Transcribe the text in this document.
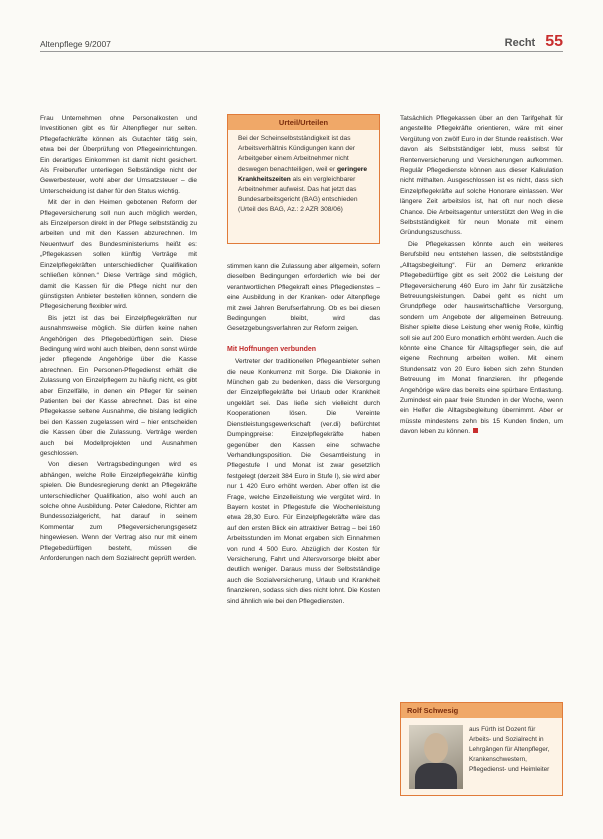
Altenpflege 9/2007	Recht 55

Frau Unternehmen ohne Personalkosten und Investitionen gibt es für Altenpfleger nur selten. Pflegefachkräfte können als Gutachter tätig sein, etwa bei der Überprüfung von Pflegeeinrichtungen. Ein derartiges Einkommen ist damit nicht gesichert. Als Freiberufler unterliegen Selbständige nicht der Gewerbesteuer, wohl aber der Umsatzsteuer – die Unterscheidung ist daher für den Status wichtig.

Mit der in den Heimen gebotenen Reform der Pflegeversicherung soll nun auch möglich werden, als Einzelperson direkt in der Pflege selbstständig zu arbeiten und mit den Kassen abzurechnen. Im Neuentwurf des Bundesministeriums heißt es: „Pflegekassen sollen künftig Verträge mit Einzelpflegekräften unterschiedlicher Qualifikation schließen können.“ Diese Verträge sind möglich, damit die Kassen für die Pflege nicht nur den günstigsten Anbieter bestellen können, sondern die Pflegesicherung flexibler wird.

Bis jetzt ist das bei Einzelpflegekräften nur ausnahmsweise möglich. Sie dürfen keine nahen Angehörigen des Pflegebedürftigen sein. Diese Bedingung wird wohl auch bleiben, denn sonst würde jeder pflegende Angehörige über die Kasse abrechnen. Ein Personen-Pflegedienst erhält die Zulassung von Einzelpflegern zu häufig nicht, es gibt aber Einzelfälle, in denen ein Pfleger für seinen Patienten bei der Kasse abrechnet. Das ist eine Pflegekasse seltene Ausnahme, die bislang lediglich bei den Kassen zugelassen wird – hier entscheiden die Kassen über die Zulassung. Verträge werden auch bei Modellprojekten und Ausnahmen geschlossen.

Von diesen Vertragsbedingungen wird es abhängen, welche Rolle Einzelpflegekräfte künftig spielen. Die Bundesregierung denkt an Pflegekräfte unterschiedlicher Qualifikation, also wohl auch an solche ohne Ausbildung. Peter Caledone, Richter am Bundessozialgericht, hat darauf in seinem Kommentar zum Pflegeversicherungsgesetz hingewiesen. Wenn der Vertrag also nur mit einem Pflegebedürftigen besteht, müssen die Anforderungen nach dem Sozialrecht geprüft werden.

Urteil/Urteilen
Bei der Scheinselbstständigkeit ist das Arbeitsverhältnis Kündigungen kann der Arbeitgeber einem Arbeitnehmer nicht deswegen benachteiligen, weil er geringere Krankheitszeiten als ein vergleichbarer Arbeitnehmer aufweist. Das hat jetzt das Bundesarbeitsgericht (BAG) entschieden (Urteil des BAG, Az.: 2 AZR 308/06)

stimmen kann die Zulassung aber allgemein, sofern dieselben Bedingungen erforderlich wie bei der verantwortlichen Pflegekraft eines Pflegedienstes – eine Ausbildung in der Kranken- oder Altenpflege mit zwei Jahren Berufserfahrung. Ob es bei diesen Bedingungen bleibt, wird das Gesetzgebungsverfahren zur Reform zeigen.

Mit Hoffnungen verbunden

Vertreter der traditionellen Pflegeanbieter sehen die neue Konkurrenz mit Sorge. Die Diakonie in München gab zu bedenken, dass die Versorgung der Einzelpflegekräfte bei Urlaub oder Krankheit ungeklärt sei. Das ließe sich vielleicht durch Kooperationen lösen. Die Vereinte Dienstleistungsgewerkschaft (ver.di) befürchtet Dumpingpreise: Einzelpflegekräfte haben gegenüber den Kassen eine schwache Verhandlungsposition. Die Gesamtleistung in Pflegestufe I und Monat ist zwar gesetzlich festgelegt (derzeit 384 Euro in Stufe I), sie wird aber nur 1 420 Euro erhöht werden. Aber offen ist die Frage, welche Einzelleistung wie vergütet wird. In Bayern kostet in Pflegestufe die Wochenleistung etwa 28,30 Euro. Für Einzelpflegekräfte wäre das auf den ersten Blick ein attraktiver Betrag – bei 160 Arbeitsstunden im Monat ergaben sich Einnahmen von rund 4 500 Euro. Abzüglich der Kosten für Versicherung, Fahrt und Altersvorsorge bleibt aber deutlich weniger. Daraus muss der Selbstständige auch die Sozialversicherung, Urlaub und Krankheit finanzieren, sodass sich dies nicht lohnt. Die Kosten sind ähnlich wie bei den Pflegediensten.

Tatsächlich Pflegekassen über an den Tarifgehalt für angestellte Pflegekräfte orientieren, wäre mit einer Vergütung von zwölf Euro in der Stunde realistisch. Wer davon als Selbstständiger lebt, muss selbst für Rentenversicherung und Versicherungen aufkommen. Regulär Pflegedienste können aus dieser Kalkulation nicht mithalten. Ausgeschlossen ist es nicht, dass sich Einzelpflegekräfte auf solche Honorare einlassen. Wer längere Zeit arbeitslos ist, hat oft nur noch diese Chance. Die Arbeitsagentur unterstützt den Weg in die Selbstständigkeit für neun Monate mit einem Gründungszuschuss.

Die Pflegekassen könnte auch ein weiteres Berufsbild neu entstehen lassen, die selbstständige „Alltagsbegleitung“. Für an Demenz erkrankte Pflegebedürftige gibt es seit 2002 die Leistung der Pflegeversicherung 460 Euro im Jahr für zusätzliche Betreuungsleistungen. Dabei geht es nicht um Grundpflege oder hauswirtschaftliche Versorgung, sondern um Angebote der allgemeinen Betreuung. Bisher spielte diese Leistung eher wenig Rolle, künftig soll sie auf 200 Euro monatlich erhöht werden. Auch die könnte eine Chance für Alltagspfleger sein, die auf eigene Rechnung arbeiten wollen. Mit einem Stundensatz von 20 Euro lieben sich zehn Stunden Betreuung im Monat finanzieren. Ihr pflegende Angehörige wäre das bereits eine spürbare Entlastung. Zumindest ein paar freie Stunden in der Woche, wenn ein Helfer die Alltagsbegleitung übernimmt. Aber er müsste mindestens zehn bis 15 Kunden finden, um davon leben zu können.

Rolf Schwesig
aus Fürth ist Dozent für Arbeits- und Sozialrecht in Lehrgängen für Altenpfleger, Krankenschwestern, Pflegedienst- und Heimleiter
